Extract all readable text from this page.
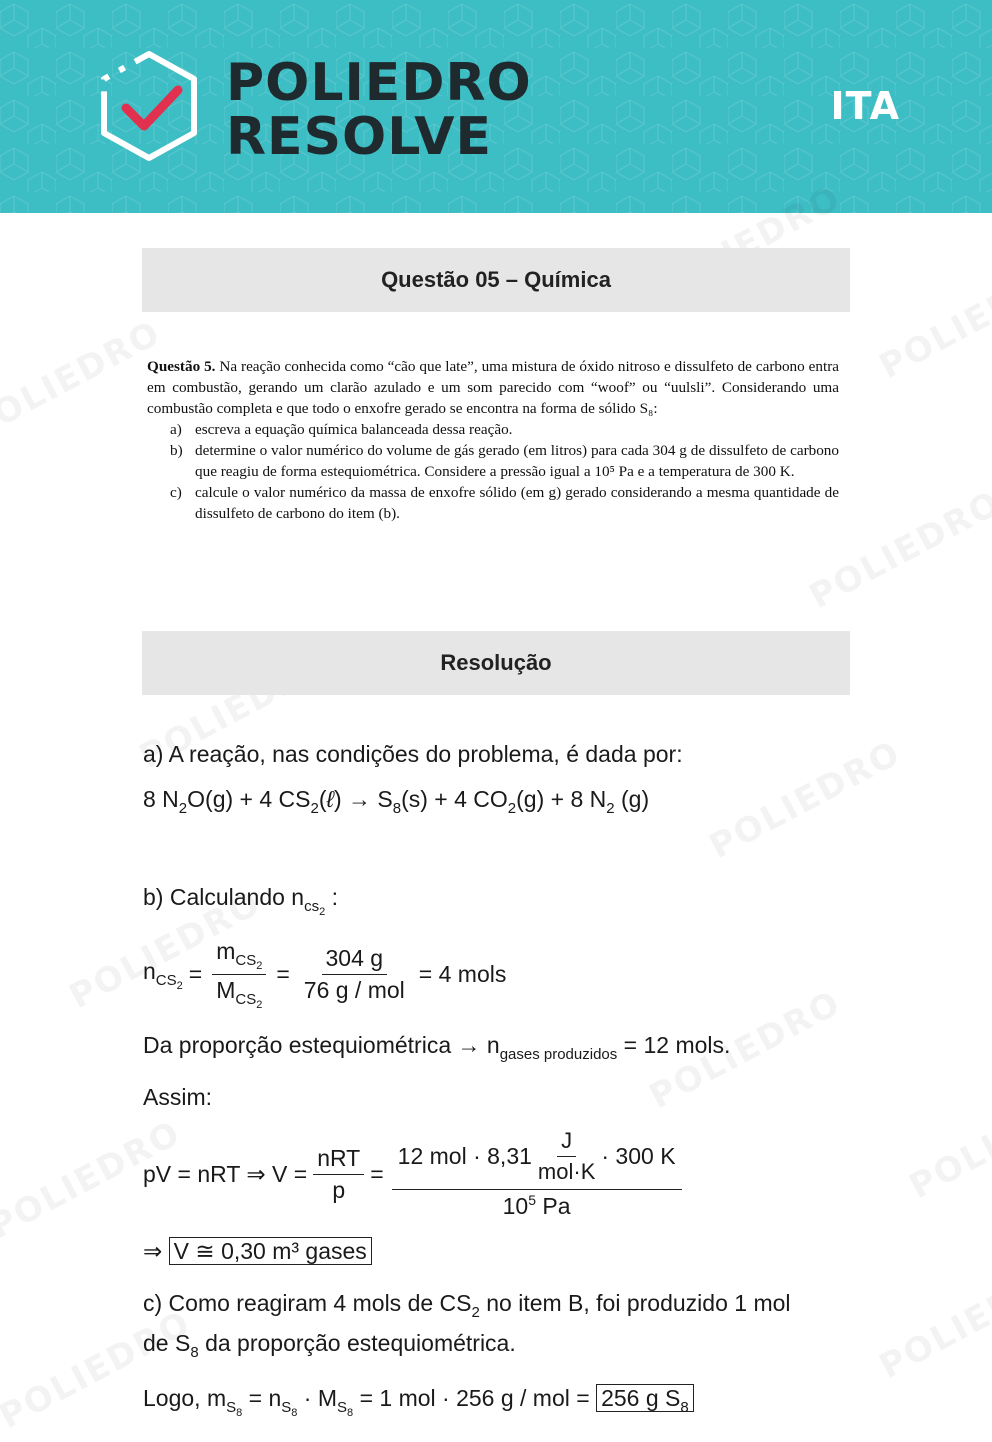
POLIEDRO
RESOLVE
ITA
Questão 05 – Química
Questão 5. Na reação conhecida como “cão que late”, uma mistura de óxido nitroso e dissulfeto de carbono entra em combustão, gerando um clarão azulado e um som parecido com “woof” ou “uulsli”. Considerando uma combustão completa e que todo o enxofre gerado se encontra na forma de sólido S₈:
a) escreva a equação química balanceada dessa reação.
b) determine o valor numérico do volume de gás gerado (em litros) para cada 304 g de dissulfeto de carbono que reagiu de forma estequiométrica. Considere a pressão igual a 10⁵ Pa e a temperatura de 300 K.
c) calcule o valor numérico da massa de enxofre sólido (em g) gerado considerando a mesma quantidade de dissulfeto de carbono do item (b).
Resolução
a) A reação, nas condições do problema, é dada por:
8 $N_2O(g) + 4$ $CS_2(\ell) \to S_8(s) + 4$ $CO_2(g) + 8$ $N_2$ (g)
b) Calculando $n_{cs_2}$ :
$n_{CS_2} = \frac{m_{CS_2}}{M_{CS_2}} = \frac{304 g}{\text{76 g / mol}} = 4$ mols
Da proporção estequiométrica → $n_{gases produzidos} = 12$ mols.
Assim:
pV = nRT ⇒ $V = \frac{\text{nRT}}{p}$ =
12 mol · $8,31 \frac{J}{\text{mol·K}} \cdot 300$ K
$10^5$ Pa
⇒ V ≅ 0,30 m³ gases
c) Como reagiram 4 mols de $CS_2$ no item B, foi produzido 1 mol
de $S_8$ da proporção estequiométrica.
Logo, $m_{S_8} = n_{S_8} \cdot M_{S_8} = 1$ mol · 256 g / mol = 256 g $S_8$
